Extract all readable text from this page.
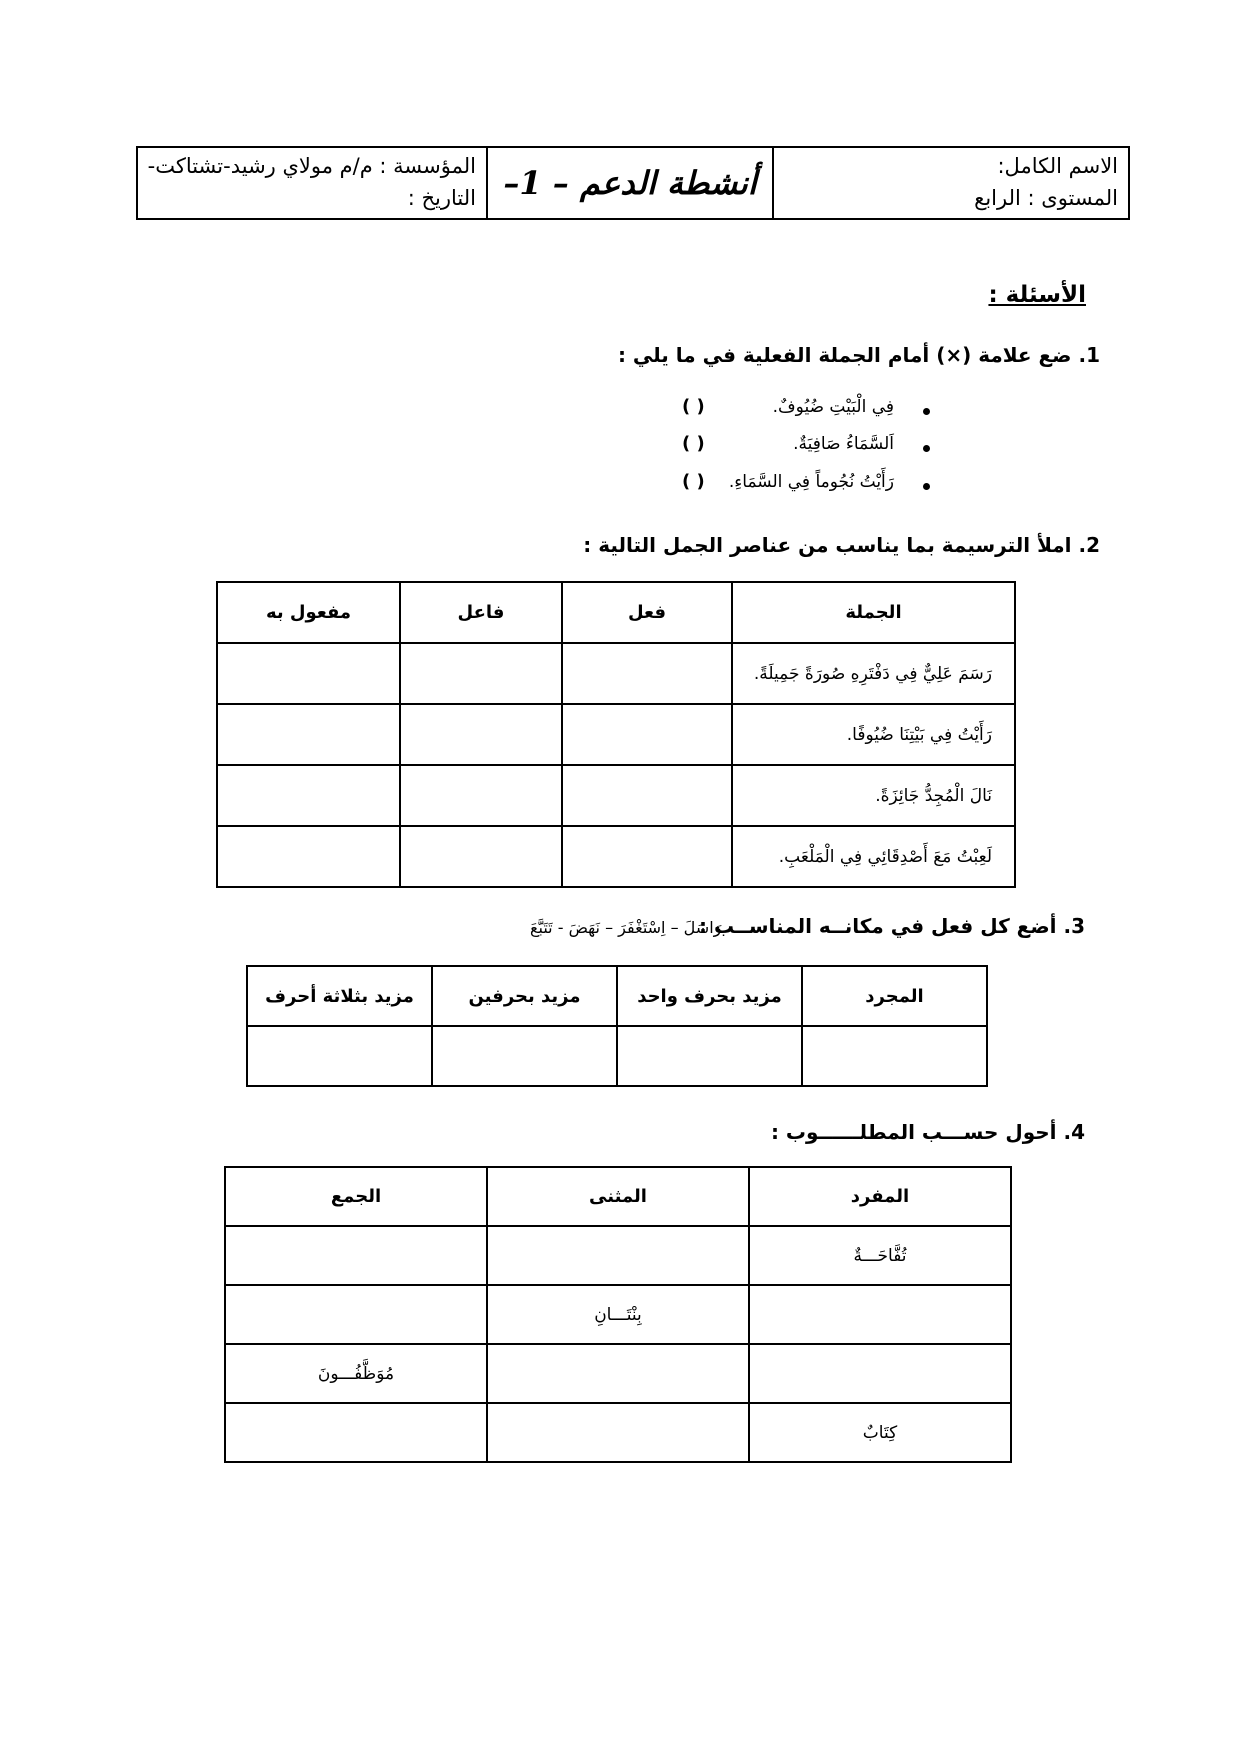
المؤسسة : م/م مولاي رشيد-تشتاكت-
التاريخ : أنشطة الدعم – 1–	الاسم الكامل:
المستوى : الرابع
الأسئلة :
1. ضع علامة (×) أمام الجملة الفعلية في ما يلي :
فِي الْبَيْتِ ضُيُوفٌ.
( )
اَلسَّمَاءُ صَافِيَةٌ.
( )
رَأَيْتُ نُجُوماً فِي السَّمَاءِ.
( )
2. املأ الترسيمة بما يناسب من عناصر الجمل التالية :
الجملة	فعل	فاعل	مفعول به
رَسَمَ عَلِيٌّ فِي دَفْتَرِهِ صُورَةً جَمِيلَةً.			
رَأَيْتُ فِي بَيْتِنَا ضُيُوفًا.			
نَالَ الْمُجِدُّ جَائِزَةً.			
لَعِبْتُ مَعَ أَصْدِقَائِي فِي الْمَلْعَبِ.			
3. أضع كل فعل في مكانــه المناســب :
رَاسَلَ – اِسْتَغْفَرَ – نَهَضَ - تَتَبَّعَ
المجرد	مزيد بحرف واحد	مزيد بحرفين	مزيد بثلاثة أحرف

4. أحول حســـب المطلــــــوب :
المفرد	المثنى	الجمع
تُفَّاحَـــةٌ		
	بِنْتَـــانِ	
		مُوَظَّفُـــونَ
كِتَابٌ		
